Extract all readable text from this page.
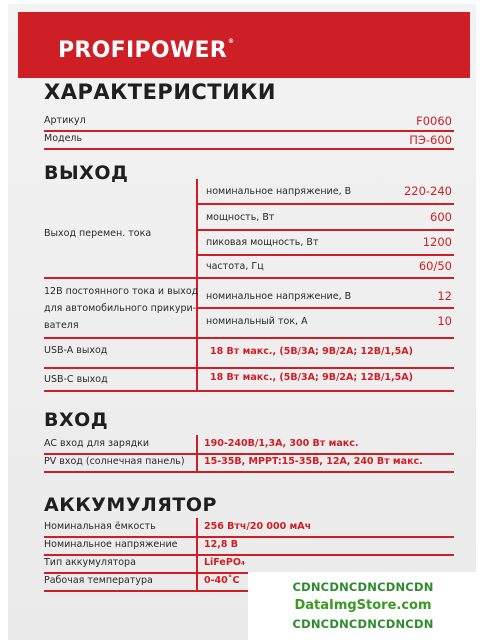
PROFIPOWER®
ХАРАКТЕРИСТИКИ
Артикул	F0060
Модель	ПЭ-600
ВЫХОД
Выход перемен. тока
номинальное напряжение, В	220-240
мощность, Вт	600
пиковая мощность, Вт	1200
частота, Гц	60/50
12В постоянного тока и выход
для автомобильного прикури-
вателя
номинальное напряжение, В	12
номинальный ток, А	10
USB-A выход	18 Вт макс., (5В/3А; 9В/2А; 12В/1,5А)
USB-C выход	18 Вт макс., (5В/3А; 9В/2А; 12В/1,5А)
ВХОД
AC вход для зарядки	190-240В/1,3А, 300 Вт макс.
PV вход (солнечная панель) 15-35В, MPPT:15-35В, 12А, 240 Вт макс.
АККУМУЛЯТОР
Номинальная ёмкость	256 Втч/20 000 мАч
Номинальное напряжение	12,8 В
Тип аккумулятора	LiFePO₄
Рабочая температура	0-40˚С	CDNCDNCDNCDNCDN
DataImgStore.com
CDNCDNCDNCDNCDN
